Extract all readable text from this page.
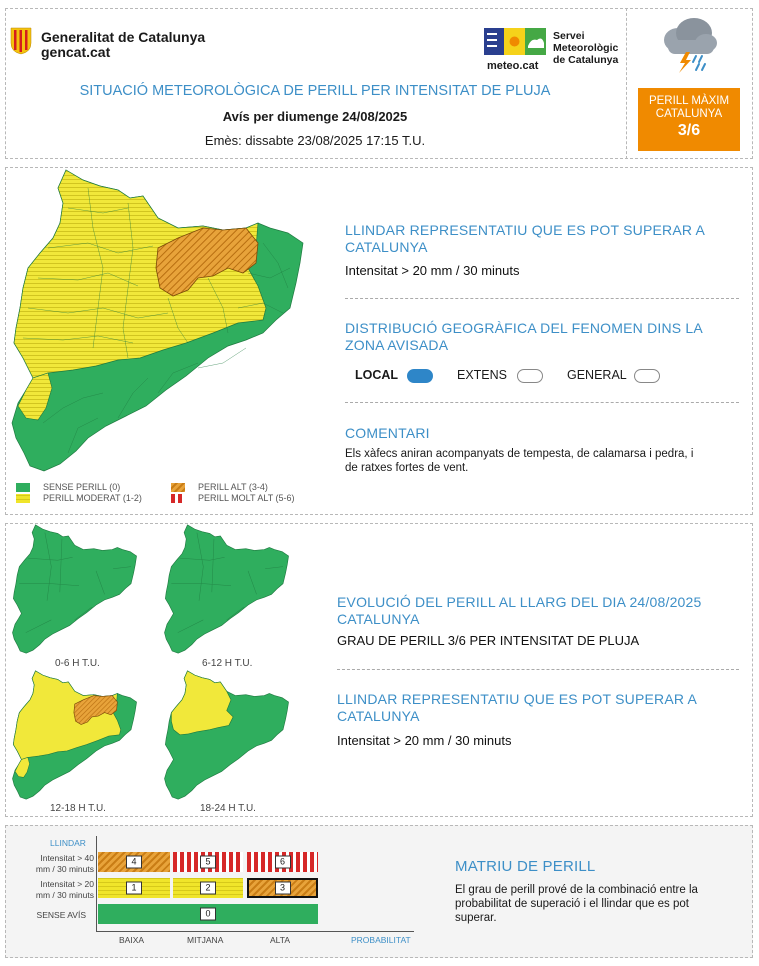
Generalitat de Catalunya
gencat.cat
meteo.cat
Servei
Meteorològic
de Catalunya
SITUACIÓ METEOROLÒGICA DE PERILL PER INTENSITAT DE PLUJA
Avís per diumenge 24/08/2025
Emès: dissabte 23/08/2025 17:15 T.U.
PERILL MÀXIM
CATALUNYA
3/6
SENSE PERILL (0)
PERILL MODERAT (1-2)
PERILL ALT (3-4)
PERILL MOLT ALT (5-6)
LLINDAR REPRESENTATIU QUE ES POT SUPERAR A CATALUNYA
Intensitat > 20 mm / 30 minuts
DISTRIBUCIÓ GEOGRÀFICA DEL FENOMEN DINS LA ZONA AVISADA
LOCAL	EXTENS	GENERAL
COMENTARI
Els xàfecs aniran acompanyats de tempesta, de calamarsa i pedra, i de ratxes fortes de vent.
0-6 H T.U.	6-12 H T.U.
12-18 H T.U.	18-24 H T.U.
EVOLUCIÓ DEL PERILL AL LLARG DEL DIA 24/08/2025 CATALUNYA
GRAU DE PERILL 3/6 PER INTENSITAT DE PLUJA
LLINDAR REPRESENTATIU QUE ES POT SUPERAR A CATALUNYA
Intensitat > 20 mm / 30 minuts
LLINDAR
Intensitat > 40
mm / 30 minuts
Intensitat > 20
mm / 30 minuts
SENSE AVÍS
4	5	6
1	2	3
0
BAIXA	MITJANA	ALTA	PROBABILITAT
MATRIU DE PERILL
El grau de perill prové de la combinació entre la probabilitat de superació i el llindar que es pot superar.
